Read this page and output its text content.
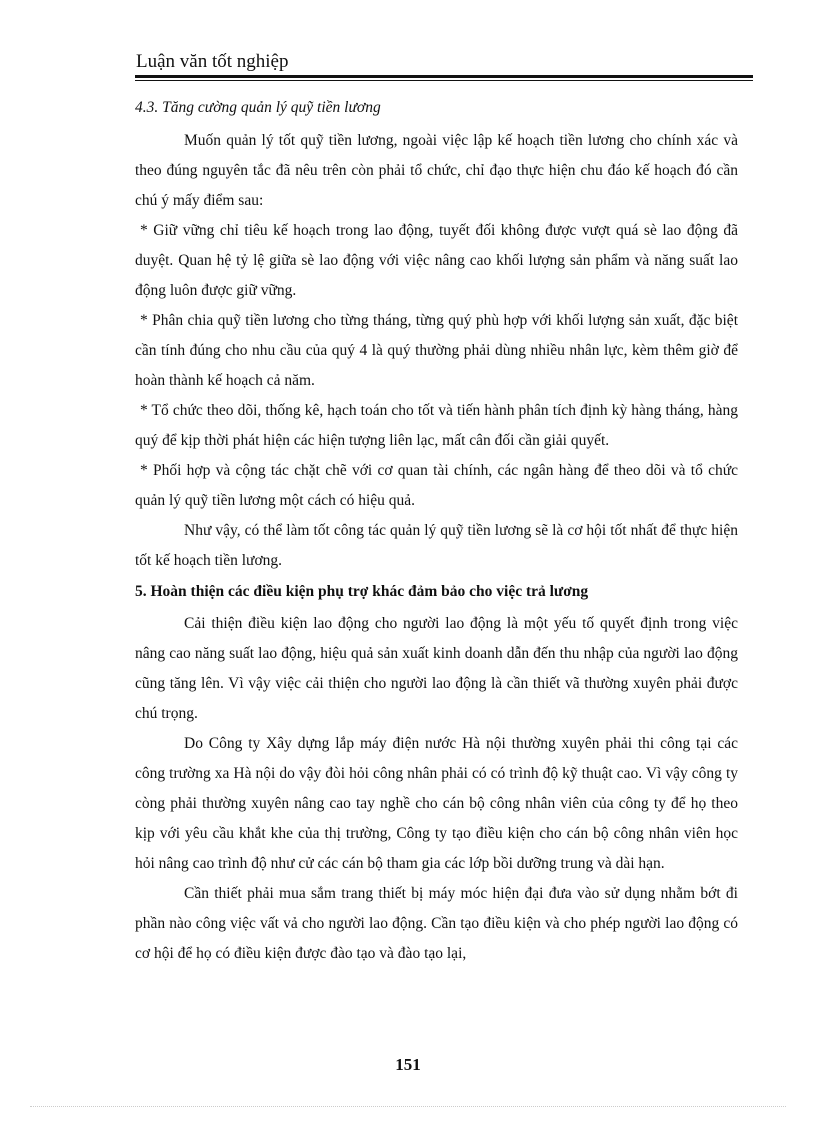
Luận văn tốt nghiệp

4.3. Tăng cường quản lý quỹ tiền lương

Muốn quản lý tốt quỹ tiền lương, ngoài việc lập kế hoạch tiền lương cho chính xác và theo đúng nguyên tắc đã nêu trên còn phải tổ chức, chỉ đạo thực hiện chu đáo kế hoạch đó cần chú ý mấy điểm sau:

* Giữ vững chỉ tiêu kế hoạch trong lao động, tuyết đối không được vượt quá sè lao động đã duyệt. Quan hệ tỷ lệ giữa sè lao động với việc nâng cao khối lượng sản phẩm và năng suất lao động luôn được giữ vững.

* Phân chia quỹ tiền lương cho từng tháng, từng quý phù hợp với khối lượng sản xuất, đặc biệt cần tính đúng cho nhu cầu của quý 4 là quý thường phải dùng nhiều nhân lực, kèm thêm giờ để hoàn thành kế hoạch cả năm.

* Tổ chức theo dõi, thống kê, hạch toán cho tốt và tiến hành phân tích định kỳ hàng tháng, hàng quý để kịp thời phát hiện các hiện tượng liên lạc, mất cân đối cần giải quyết.

* Phối hợp và cộng tác chặt chẽ với cơ quan tài chính, các ngân hàng để theo dõi và tổ chức quản lý quỹ tiền lương một cách có hiệu quả.

Như vậy, có thể làm tốt công tác quản lý quỹ tiền lương sẽ là cơ hội tốt nhất để thực hiện tốt kế hoạch tiền lương.

5. Hoàn thiện các điều kiện phụ trợ khác đảm bảo cho việc trả lương

Cải thiện điều kiện lao động cho người lao động là một yếu tố quyết định trong việc nâng cao năng suất lao động, hiệu quả sản xuất kinh doanh dẫn đến thu nhập của người lao động cũng tăng lên. Vì vậy việc cải thiện cho người lao động là cần thiết vã thường xuyên phải được chú trọng.

Do Công ty Xây dựng lắp máy điện nước Hà nội thường xuyên phải thi công tại các công trường xa Hà nội do vậy đòi hỏi công nhân phải có có trình độ kỹ thuật cao. Vì vậy công ty còng phải thường xuyên nâng cao tay nghề cho cán bộ công nhân viên của công ty để họ theo kịp với yêu cầu khắt khe của thị trường, Công ty tạo điều kiện cho cán bộ công nhân viên học hỏi nâng cao trình độ như cử các cán bộ tham gia các lớp bồi dưỡng trung và dài hạn.

Cần thiết phải mua sắm trang thiết bị máy móc hiện đại đưa vào sử dụng nhằm bớt đi phần nào công việc vất vả cho người lao động. Cần tạo điều kiện và cho phép người lao động có cơ hội để họ có điều kiện được đào tạo và đào tạo lại,

151
